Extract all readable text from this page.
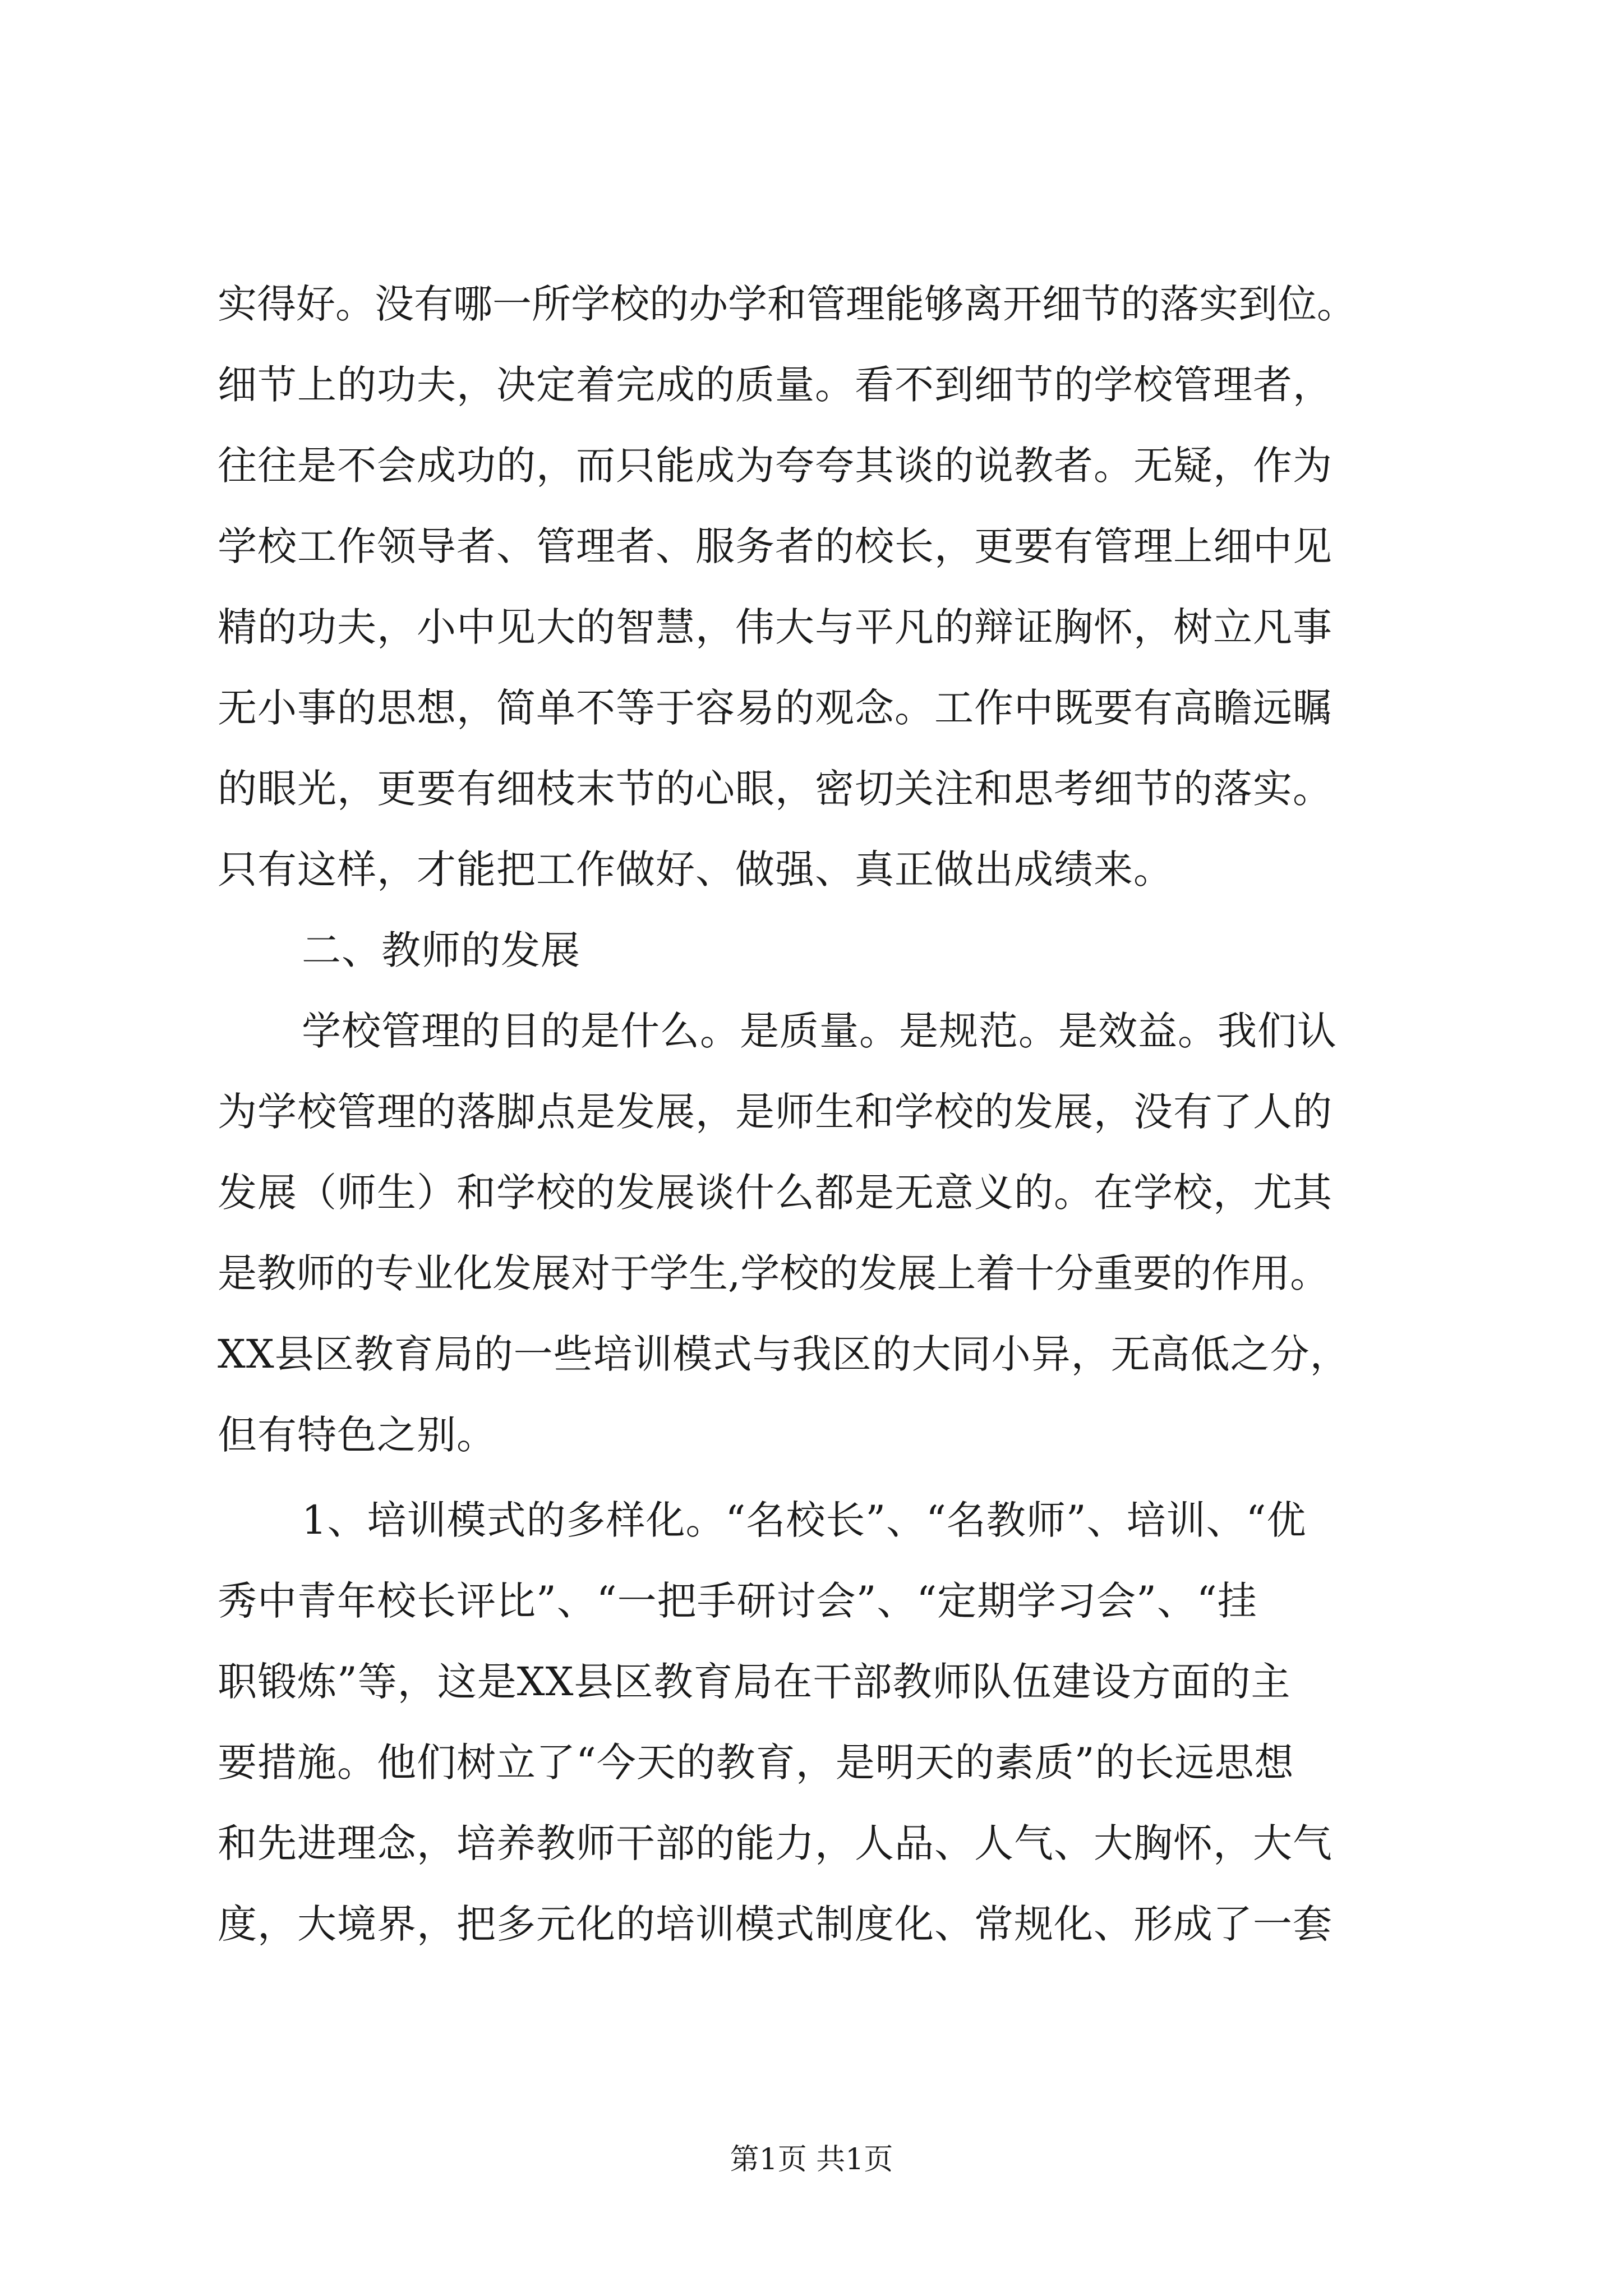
实得好。没有哪一所学校的办学和管理能够离开细节的落实到位。
细节上的功夫，决定着完成的质量。看不到细节的学校管理者，
往往是不会成功的，而只能成为夸夸其谈的说教者。无疑，作为
学校工作领导者、管理者、服务者的校长，更要有管理上细中见
精的功夫，小中见大的智慧，伟大与平凡的辩证胸怀，树立凡事
无小事的思想，简单不等于容易的观念。工作中既要有高瞻远瞩
的眼光，更要有细枝末节的心眼，密切关注和思考细节的落实。
只有这样，才能把工作做好、做强、真正做出成绩来。
二、教师的发展
学校管理的目的是什么。是质量。是规范。是效益。我们认
为学校管理的落脚点是发展，是师生和学校的发展，没有了人的
发展（师生）和学校的发展谈什么都是无意义的。在学校，尤其
是教师的专业化发展对于学生,学校的发展上着十分重要的作用。
XX县区教育局的一些培训模式与我区的大同小异，无高低之分，
但有特色之别。
1、培训模式的多样化。“名校长”、“名教师”、培训、“优
秀中青年校长评比”、“一把手研讨会”、“定期学习会”、“挂
职锻炼”等，这是XX县区教育局在干部教师队伍建设方面的主
要措施。他们树立了“今天的教育，是明天的素质”的长远思想
和先进理念，培养教师干部的能力，人品、人气、大胸怀，大气
度，大境界，把多元化的培训模式制度化、常规化、形成了一套
第1页 共1页
